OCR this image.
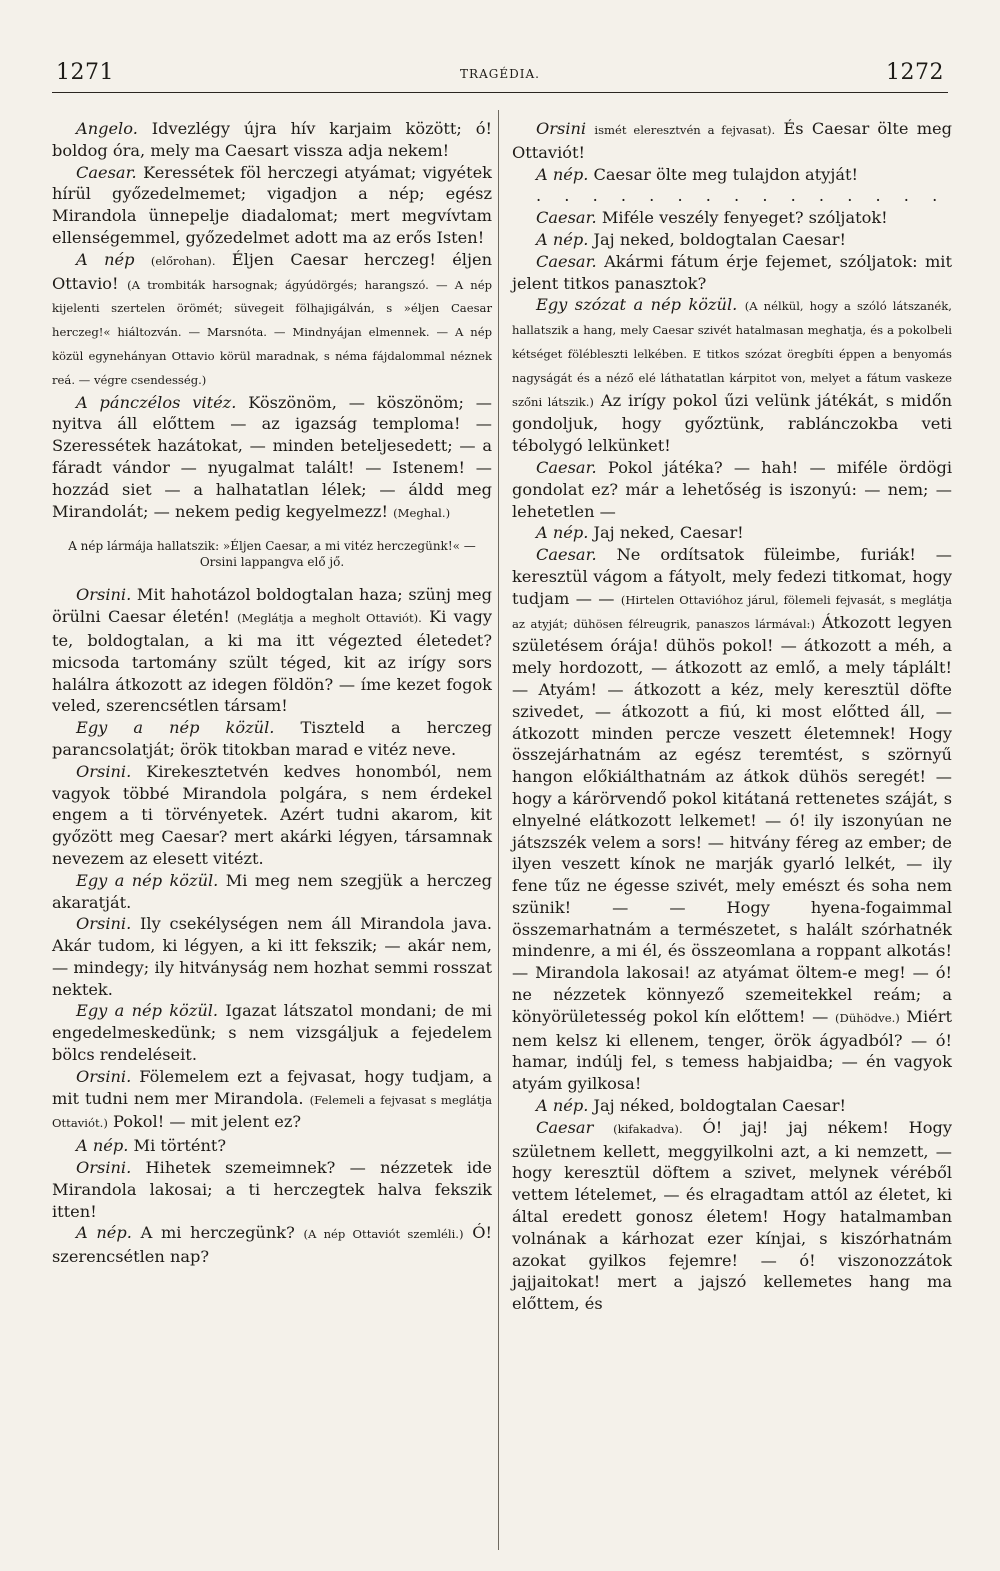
1271	TRAGÉDIA.	1272

Angelo. Idvezlégy újra hív karjaim között; ó! boldog óra, mely ma Caesart vissza adja nekem!

Caesar. Keressétek föl herczegi atyámat; vigyétek hírül győzedelmemet; vigadjon a nép; egész Mirandola ünnepelje diadalomat; mert megvívtam ellenségemmel, győzedelmet adott ma az erős Isten!

A nép (előrohan). Éljen Caesar herczeg! éljen Ottavio! (A trombiták harsognak; ágyúdörgés; harangszó. — A nép kijelenti szertelen örömét; süvegeit fölhajigálván, s »éljen Caesar herczeg!« hiáltozván. — Marsnóta. — Mindnyájan elmennek. — A nép közül egynehányan Ottavio körül maradnak, s néma fájdalommal néznek reá. — végre csendesség.)

A pánczélos vitéz. Köszönöm, — köszönöm; — nyitva áll előttem — az igazság temploma! — Szeressétek hazátokat, — minden beteljesedett; — a fáradt vándor — nyugalmat talált! — Istenem! — hozzád siet — a halhatatlan lélek; — áldd meg Mirandolát; — nekem pedig kegyelmezz! (Meghal.)

A nép lármája hallatszik: »Éljen Caesar, a mi vitéz herczegünk!« — Orsini lappangva elő jő.

Orsini. Mit hahotázol boldogtalan haza; szünj meg örülni Caesar életén! (Meglátja a megholt Ottaviót). Ki vagy te, boldogtalan, a ki ma itt végezted életedet? micsoda tartomány szült téged, kit az irígy sors halálra átkozott az idegen földön? — íme kezet fogok veled, szerencsétlen társam!

Egy a nép közül. Tiszteld a herczeg parancsolatját; örök titokban marad e vitéz neve.

Orsini. Kirekesztetvén kedves honomból, nem vagyok többé Mirandola polgára, s nem érdekel engem a ti törvényetek. Azért tudni akarom, kit győzött meg Caesar? mert akárki légyen, társamnak nevezem az elesett vitézt.

Egy a nép közül. Mi meg nem szegjük a herczeg akaratját.

Orsini. Ily csekélységen nem áll Mirandola java. Akár tudom, ki légyen, a ki itt fekszik; — akár nem, — mindegy; ily hitványság nem hozhat semmi rosszat nektek.

Egy a nép közül. Igazat látszatol mondani; de mi engedelmeskedünk; s nem vizsgáljuk a fejedelem bölcs rendeléseit.

Orsini. Fölemelem ezt a fejvasat, hogy tudjam, a mit tudni nem mer Mirandola. (Felemeli a fejvasat s meglátja Ottaviót.) Pokol! — mit jelent ez?

A nép. Mi történt?

Orsini. Hihetek szemeimnek? — nézzetek ide Mirandola lakosai; a ti herczegtek halva fekszik itten!

A nép. A mi herczegünk? (A nép Ottaviót szemléli.) Ó! szerencsétlen nap?

Orsini ismét eleresztvén a fejvasat). És Caesar ölte meg Ottaviót!

A nép. Caesar ölte meg tulajdon atyját!

. . . . . . . . . . . . . . .

Caesar. Miféle veszély fenyeget? szóljatok!

A nép. Jaj neked, boldogtalan Caesar!

Caesar. Akármi fátum érje fejemet, szóljatok: mit jelent titkos panasztok?

Egy szózat a nép közül. (A nélkül, hogy a szóló látszanék, hallatszik a hang, mely Caesar szivét hatalmasan meghatja, és a pokolbeli kétséget fölébleszti lelkében. E titkos szózat öregbíti éppen a benyomás nagyságát és a néző elé láthatatlan kárpitot von, melyet a fátum vaskeze szőni látszik.) Az irígy pokol űzi velünk játékát, s midőn gondoljuk, hogy győztünk, rablánczokba veti tébolygó lelkünket!

Caesar. Pokol játéka? — hah! — miféle ördögi gondolat ez? már a lehetőség is iszonyú: — nem; — lehetetlen —

A nép. Jaj neked, Caesar!

Caesar. Ne ordítsatok füleimbe, furiák! — keresztül vágom a fátyolt, mely fedezi titkomat, hogy tudjam — — (Hirtelen Ottavióhoz járul, fölemeli fejvasát, s meglátja az atyját; dühösen félreugrik, panaszos lármával:) Átkozott legyen születésem órája! dühös pokol! — átkozott a méh, a mely hordozott, — átkozott az emlő, a mely táplált! — Atyám! — átkozott a kéz, mely keresztül döfte szivedet, — átkozott a fiú, ki most előtted áll, — átkozott minden percze veszett életemnek! Hogy összejárhatnám az egész teremtést, s szörnyű hangon előkiálthatnám az átkok dühös seregét! — hogy a kárörvendő pokol kitátaná rettenetes száját, s elnyelné elátkozott lelkemet! — ó! ily iszonyúan ne játszszék velem a sors! — hitvány féreg az ember; de ilyen veszett kínok ne marják gyarló lelkét, — ily fene tűz ne égesse szivét, mely emészt és soha nem szünik! — — Hogy hyena-fogaimmal összemarhatnám a természetet, s halált szórhatnék mindenre, a mi él, és összeomlana a roppant alkotás! — Mirandola lakosai! az atyámat öltem-e meg! — ó! ne nézzetek könnyező szemeitekkel reám; a könyörületesség pokol kín előttem! — (Dühödve.) Miért nem kelsz ki ellenem, tenger, örök ágyadból? — ó! hamar, indúlj fel, s temess habjaidba; — én vagyok atyám gyilkosa!

A nép. Jaj néked, boldogtalan Caesar!

Caesar (kifakadva). Ó! jaj! jaj nékem! Hogy születnem kellett, meggyilkolni azt, a ki nemzett, — hogy keresztül döftem a szivet, melynek véréből vettem lételemet, — és elragadtam attól az életet, ki által eredett gonosz életem! Hogy hatalmamban volnának a kárhozat ezer kínjai, s kiszórhatnám azokat gyilkos fejemre! — ó! viszonozzátok jajjaitokat! mert a jajszó kellemetes hang ma előttem, és
